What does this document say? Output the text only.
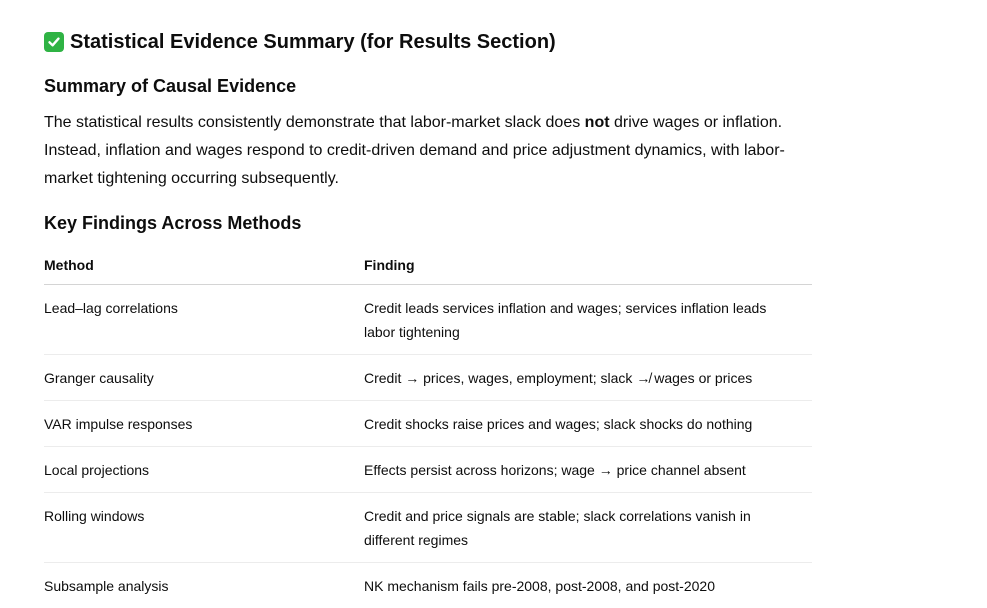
Statistical Evidence Summary (for Results Section)
Summary of Causal Evidence
The statistical results consistently demonstrate that labor-market slack does not drive wages or inflation. Instead, inflation and wages respond to credit-driven demand and price adjustment dynamics, with labor-market tightening occurring subsequently.
Key Findings Across Methods
Method	Finding
Lead–lag correlations	Credit leads services inflation and wages; services inflation leads labor tightening
Granger causality	Credit → prices, wages, employment; slack ↛ wages or prices
VAR impulse responses	Credit shocks raise prices and wages; slack shocks do nothing
Local projections	Effects persist across horizons; wage → price channel absent
Rolling windows	Credit and price signals are stable; slack correlations vanish in different regimes
Subsample analysis	NK mechanism fails pre-2008, post-2008, and post-2020
